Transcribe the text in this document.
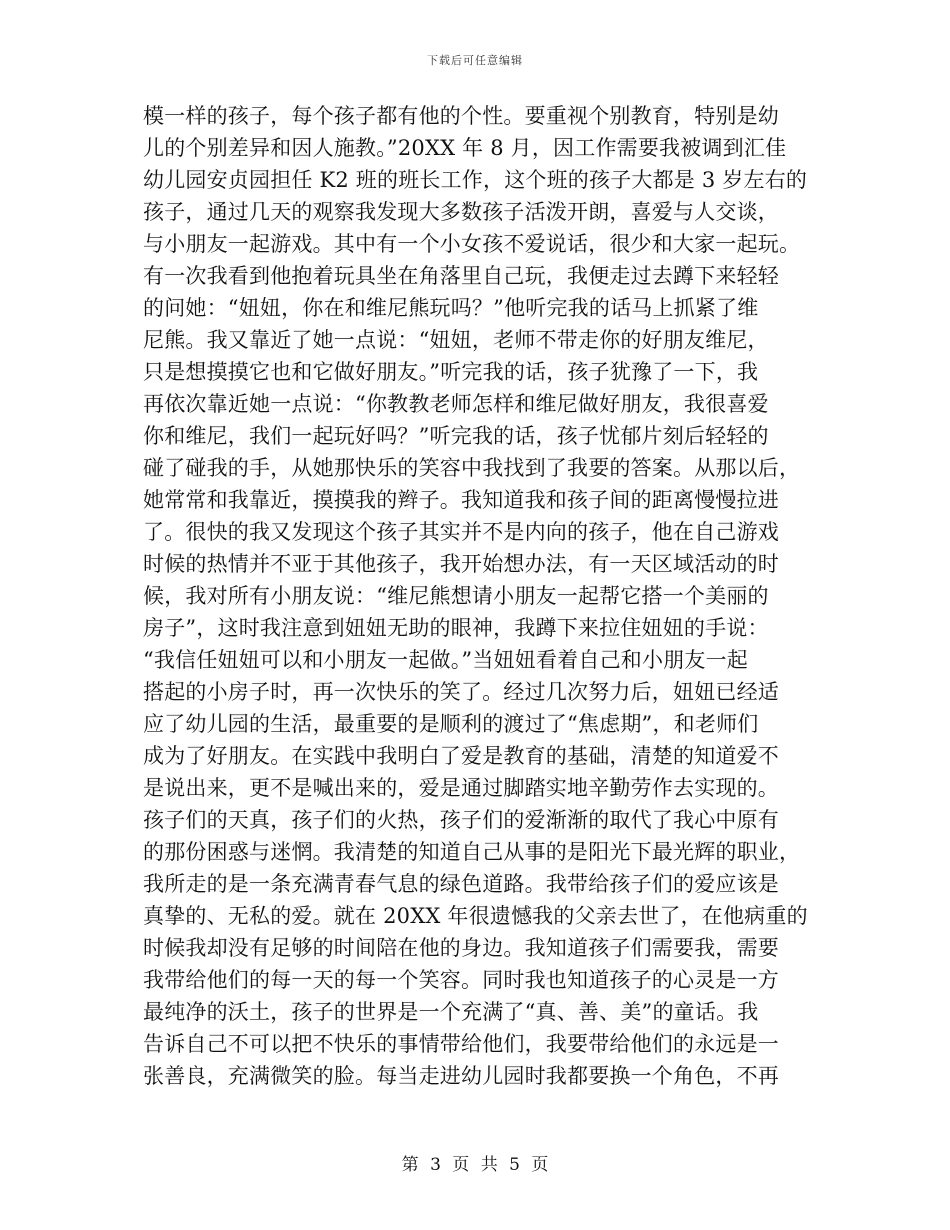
下载后可任意编辑
模一样的孩子，每个孩子都有他的个性。要重视个别教育，特别是幼
儿的个别差异和因人施教。”20XX 年 8 月，因工作需要我被调到汇佳
幼儿园安贞园担任 K2 班的班长工作，这个班的孩子大都是 3 岁左右的
孩子，通过几天的观察我发现大多数孩子活泼开朗，喜爱与人交谈，
与小朋友一起游戏。其中有一个小女孩不爱说话，很少和大家一起玩。
有一次我看到他抱着玩具坐在角落里自己玩，我便走过去蹲下来轻轻
的问她：“妞妞，你在和维尼熊玩吗？”他听完我的话马上抓紧了维
尼熊。我又靠近了她一点说：“妞妞，老师不带走你的好朋友维尼，
只是想摸摸它也和它做好朋友。”听完我的话，孩子犹豫了一下，我
再依次靠近她一点说：“你教教老师怎样和维尼做好朋友，我很喜爱
你和维尼，我们一起玩好吗？”听完我的话，孩子忧郁片刻后轻轻的
碰了碰我的手，从她那快乐的笑容中我找到了我要的答案。从那以后，
她常常和我靠近，摸摸我的辫子。我知道我和孩子间的距离慢慢拉进
了。很快的我又发现这个孩子其实并不是内向的孩子，他在自己游戏
时候的热情并不亚于其他孩子，我开始想办法，有一天区域活动的时
候，我对所有小朋友说：“维尼熊想请小朋友一起帮它搭一个美丽的
房子”，这时我注意到妞妞无助的眼神，我蹲下来拉住妞妞的手说：
“我信任妞妞可以和小朋友一起做。”当妞妞看着自己和小朋友一起
搭起的小房子时，再一次快乐的笑了。经过几次努力后，妞妞已经适
应了幼儿园的生活，最重要的是顺利的渡过了“焦虑期”，和老师们
成为了好朋友。在实践中我明白了爱是教育的基础，清楚的知道爱不
是说出来，更不是喊出来的，爱是通过脚踏实地辛勤劳作去实现的。
孩子们的天真，孩子们的火热，孩子们的爱渐渐的取代了我心中原有
的那份困惑与迷惘。我清楚的知道自己从事的是阳光下最光辉的职业，
我所走的是一条充满青春气息的绿色道路。我带给孩子们的爱应该是
真挚的、无私的爱。就在 20XX 年很遗憾我的父亲去世了，在他病重的
时候我却没有足够的时间陪在他的身边。我知道孩子们需要我，需要
我带给他们的每一天的每一个笑容。同时我也知道孩子的心灵是一方
最纯净的沃土，孩子的世界是一个充满了“真、善、美”的童话。我
告诉自己不可以把不快乐的事情带给他们，我要带给他们的永远是一
张善良，充满微笑的脸。每当走进幼儿园时我都要换一个角色，不再
第 3 页 共 5 页
